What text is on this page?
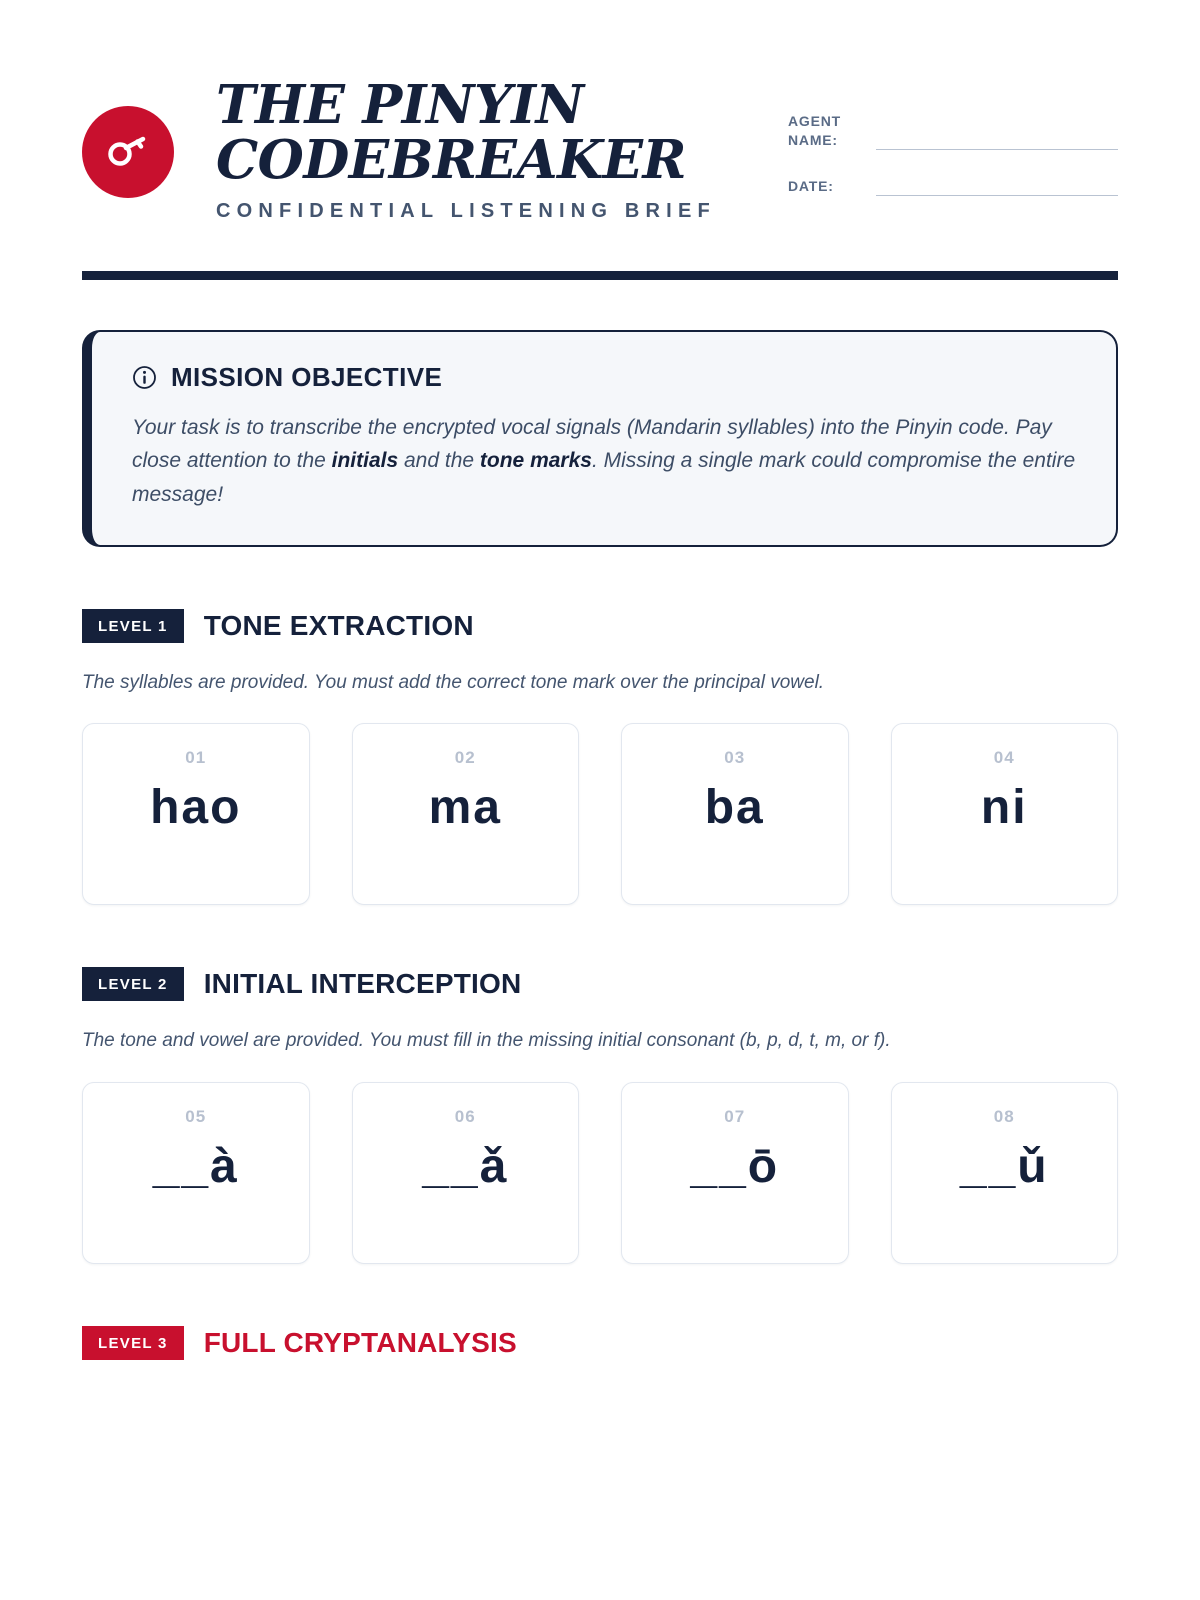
THE PINYIN CODEBREAKER
CONFIDENTIAL LISTENING BRIEF
AGENT NAME:
DATE:
MISSION OBJECTIVE

Your task is to transcribe the encrypted vocal signals (Mandarin syllables) into the Pinyin code. Pay close attention to the initials and the tone marks. Missing a single mark could compromise the entire message!

LEVEL 1	TONE EXTRACTION
The syllables are provided. You must add the correct tone mark over the principal vowel.
01
hao
02
ma
03
ba
04
ni
LEVEL 2	INITIAL INTERCEPTION
The tone and vowel are provided. You must fill in the missing initial consonant (b, p, d, t, m, or f).
05
__à
06
__ǎ
07
__ō
08
__ǔ
LEVEL 3	FULL CRYPTANALYSIS
